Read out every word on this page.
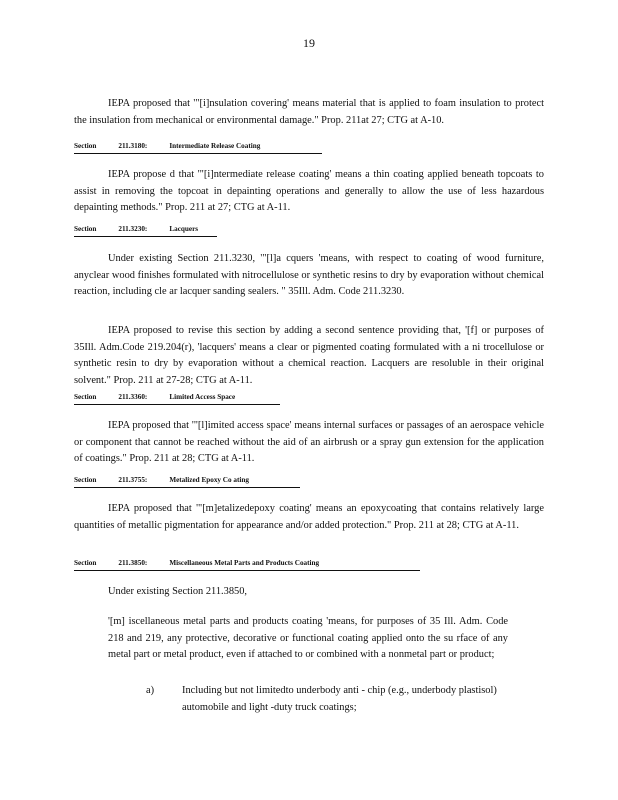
19

IEPA proposed that '"[i]nsulation covering' means material that is applied to foam insulation to protect the insulation from mechanical or environmental damage." Prop. 211at 27; CTG at A-10.

Section	211.3180:	Intermediate Release Coating

IEPA propose d that '"[i]ntermediate release coating' means a thin coating applied beneath topcoats to assist in removing the topcoat in depainting operations and generally to allow the use of less hazardous depainting methods." Prop. 211 at 27; CTG at A-11.

Section	211.3230:	Lacquers

Under existing Section 211.3230, '"[l]a cquers 'means, with respect to coating of wood furniture, anyclear wood finishes formulated with nitrocellulose or synthetic resins to dry by evaporation without chemical reaction, including cle ar lacquer sanding sealers. " 35Ill. Adm. Code 211.3230.

IEPA proposed to revise this section by adding a second sentence providing that, '[f] or purposes of 35Ill. Adm.Code 219.204(r), 'lacquers' means a clear or pigmented coating formulated with a ni trocellulose or synthetic resin to dry by evaporation without a chemical reaction. Lacquers are resoluble in their original solvent." Prop. 211 at 27-28; CTG at A-11.

Section	211.3360:	Limited Access Space

IEPA proposed that '"[l]imited access space' means internal surfaces or passages of an aerospace vehicle or component that cannot be reached without the aid of an airbrush or a spray gun extension for the application of coatings." Prop. 211 at 28; CTG at A-11.

Section	211.3755:	Metalized Epoxy Co ating

IEPA proposed that '"[m]etalizedepoxy coating' means an epoxycoating that contains relatively large quantities of metallic pigmentation for appearance and/or added protection." Prop. 211 at 28; CTG at A-11.

Section	211.3850:	Miscellaneous Metal Parts and Products Coating

Under existing Section 211.3850,

'[m] iscellaneous metal parts and products coating 'means, for purposes of 35 Ill. Adm. Code 218 and 219, any protective, decorative or functional coating applied onto the su rface of any metal part or metal product, even if attached to or combined with a nonmetal part or product;

a)	Including but not limitedto underbody anti - chip (e.g., underbody plastisol) automobile and light -duty truck coatings;
